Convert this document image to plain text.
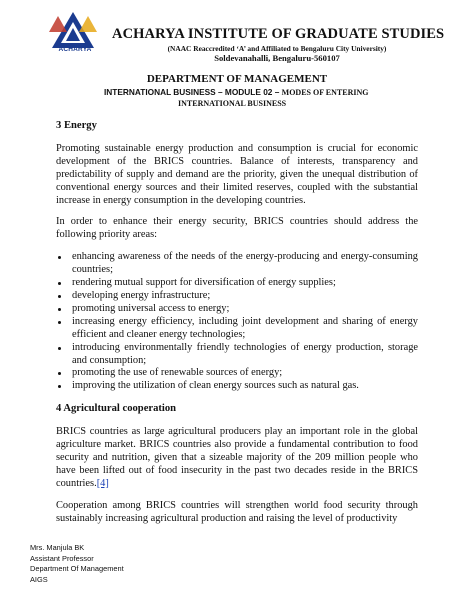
ACHARYA
ACHARYA INSTITUTE OF GRADUATE STUDIES
(NAAC Reaccredited ‘A’ and Affiliated to Bengaluru City University)
Soldevanahalli, Bengaluru-560107
DEPARTMENT OF MANAGEMENT
INTERNATIONAL BUSINESS – MODULE 02 – MODES OF ENTERING
INTERNATIONAL BUSINESS
3 Energy

Promoting sustainable energy production and consumption is crucial for economic development of the BRICS countries. Balance of interests, transparency and predictability of supply and demand are the priority, given the unequal distribution of conventional energy sources and their limited reserves, coupled with the substantial increase in energy consumption in the developing countries.

In order to enhance their energy security, BRICS countries should address the following priority areas:

enhancing awareness of the needs of the energy-producing and energy-consuming countries;
rendering mutual support for diversification of energy supplies;
developing energy infrastructure;
promoting universal access to energy;
increasing energy efficiency, including joint development and sharing of energy efficient and cleaner energy technologies;
introducing environmentally friendly technologies of energy production, storage and consumption;
promoting the use of renewable sources of energy;
improving the utilization of clean energy sources such as natural gas.
4 Agricultural cooperation

BRICS countries as large agricultural producers play an important role in the global agriculture market. BRICS countries also provide a fundamental contribution to food security and nutrition, given that a sizeable majority of the 209 million people who have been lifted out of food insecurity in the past two decades reside in the BRICS countries.[4]

Cooperation among BRICS countries will strengthen world food security through sustainably increasing agricultural production and raising the level of productivity

Mrs. Manjula BK
Assistant Professor
Department Of Management
AIGS
